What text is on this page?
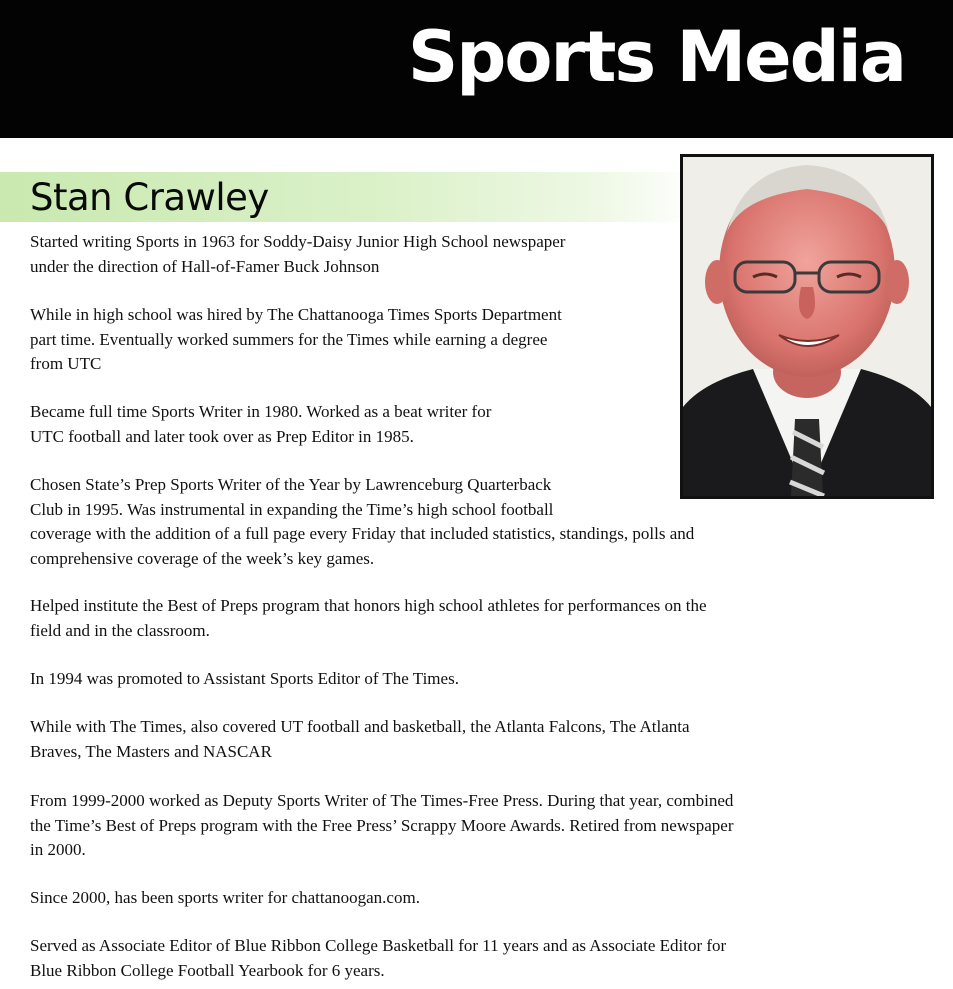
Sports Media
Stan Crawley

Started writing Sports in 1963 for Soddy-Daisy Junior High School newspaper
under the direction of Hall-of-Famer Buck Johnson

While in high school was hired by The Chattanooga Times Sports Department
part time. Eventually worked summers for the Times while earning a degree
from UTC

Became full time Sports Writer in 1980. Worked as a beat writer for
UTC football and later took over as Prep Editor in 1985.

Chosen State’s Prep Sports Writer of the Year by Lawrenceburg Quarterback
Club in 1995. Was instrumental in expanding the Time’s high school football
coverage with the addition of a full page every Friday that included statistics, standings, polls and
comprehensive coverage of the week’s key games.

Helped institute the Best of Preps program that honors high school athletes for performances on the
field and in the classroom.

In 1994 was promoted to Assistant Sports Editor of The Times.

While with The Times, also covered UT football and basketball, the Atlanta Falcons, The Atlanta
Braves, The Masters and NASCAR

From 1999-2000 worked as Deputy Sports Writer of The Times-Free Press. During that year, combined
the Time’s Best of Preps program with the Free Press’ Scrappy Moore Awards. Retired from newspaper
in 2000.

Since 2000, has been sports writer for chattanoogan.com.

Served as Associate Editor of Blue Ribbon College Basketball for 11 years and as Associate Editor for
Blue Ribbon College Football Yearbook for 6 years.
